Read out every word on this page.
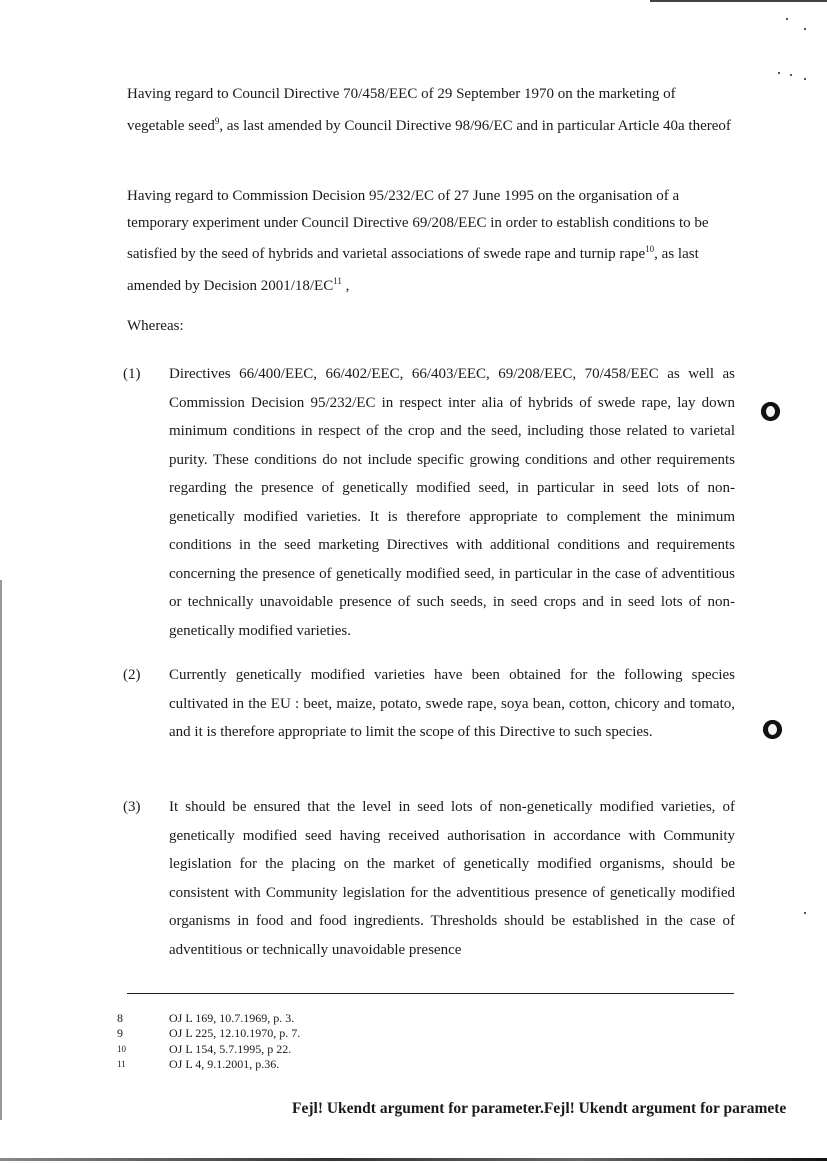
Having regard to Council Directive 70/458/EEC of 29 September 1970 on the marketing of vegetable seed$^9$, as last amended by Council Directive 98/96/EC and in particular Article 40a thereof

Having regard to Commission Decision 95/232/EC of 27 June 1995 on the organisation of a temporary experiment under Council Directive 69/208/EEC in order to establish conditions to be satisfied by the seed of hybrids and varietal associations of swede rape and turnip rape$^{10}$, as last amended by Decision 2001/18/EC$^{11}$ ,

Whereas:

(1)	Directives 66/400/EEC, 66/402/EEC, 66/403/EEC, 69/208/EEC, 70/458/EEC as well as Commission Decision 95/232/EC in respect inter alia of hybrids of swede rape, lay down minimum conditions in respect of the crop and the seed, including those related to varietal purity. These conditions do not include specific growing conditions and other requirements regarding the presence of genetically modified seed, in particular in seed lots of non-genetically modified varieties. It is therefore appropriate to complement the minimum conditions in the seed marketing Directives with additional conditions and requirements concerning the presence of genetically modified seed, in particular in the case of adventitious or technically unavoidable presence of such seeds, in seed crops and in seed lots of non-genetically modified varieties.
(2)	Currently genetically modified varieties have been obtained for the following species cultivated in the EU : beet, maize, potato, swede rape, soya bean, cotton, chicory and tomato, and it is therefore appropriate to limit the scope of this Directive to such species.
(3)	It should be ensured that the level in seed lots of non-genetically modified varieties, of genetically modified seed having received authorisation in accordance with Community legislation for the placing on the market of genetically modified organisms, should be consistent with Community legislation for the adventitious presence of genetically modified organisms in food and food ingredients. Thresholds should be established in the case of adventitious or technically unavoidable presence
8	OJ L 169, 10.7.1969, p. 3.
9	OJ L 225, 12.10.1970, p. 7.
10	OJ L 154, 5.7.1995, p 22.
11	OJ L 4, 9.1.2001, p.36.
Fejl! Ukendt argument for parameter.Fejl! Ukendt argument for paramete
